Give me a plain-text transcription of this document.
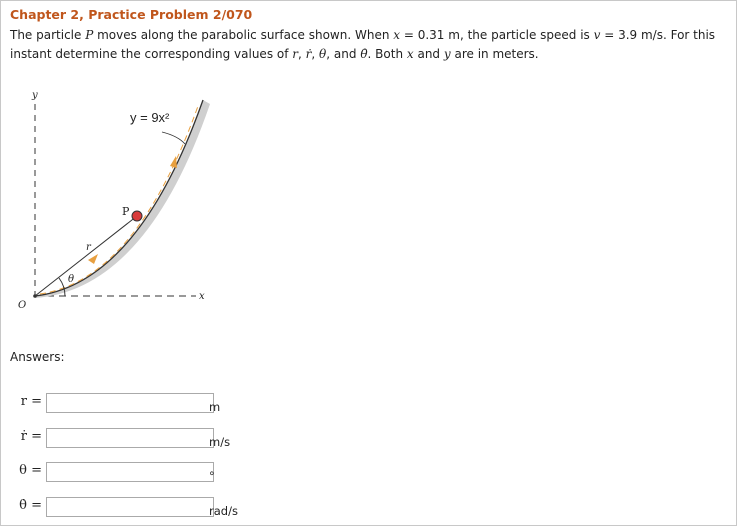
Chapter 2, Practice Problem 2/070
The particle P moves along the parabolic surface shown. When x = 0.31 m, the particle speed is v = 3.9 m/s. For this instant determine the corresponding values of r, ṙ, θ, and θ̇. Both x and y are in meters.
y = 9x²
P
r
θ
O
x
y
Answers:
r =	m
ṙ =	m/s
θ =	°
θ̇ =	rad/s
